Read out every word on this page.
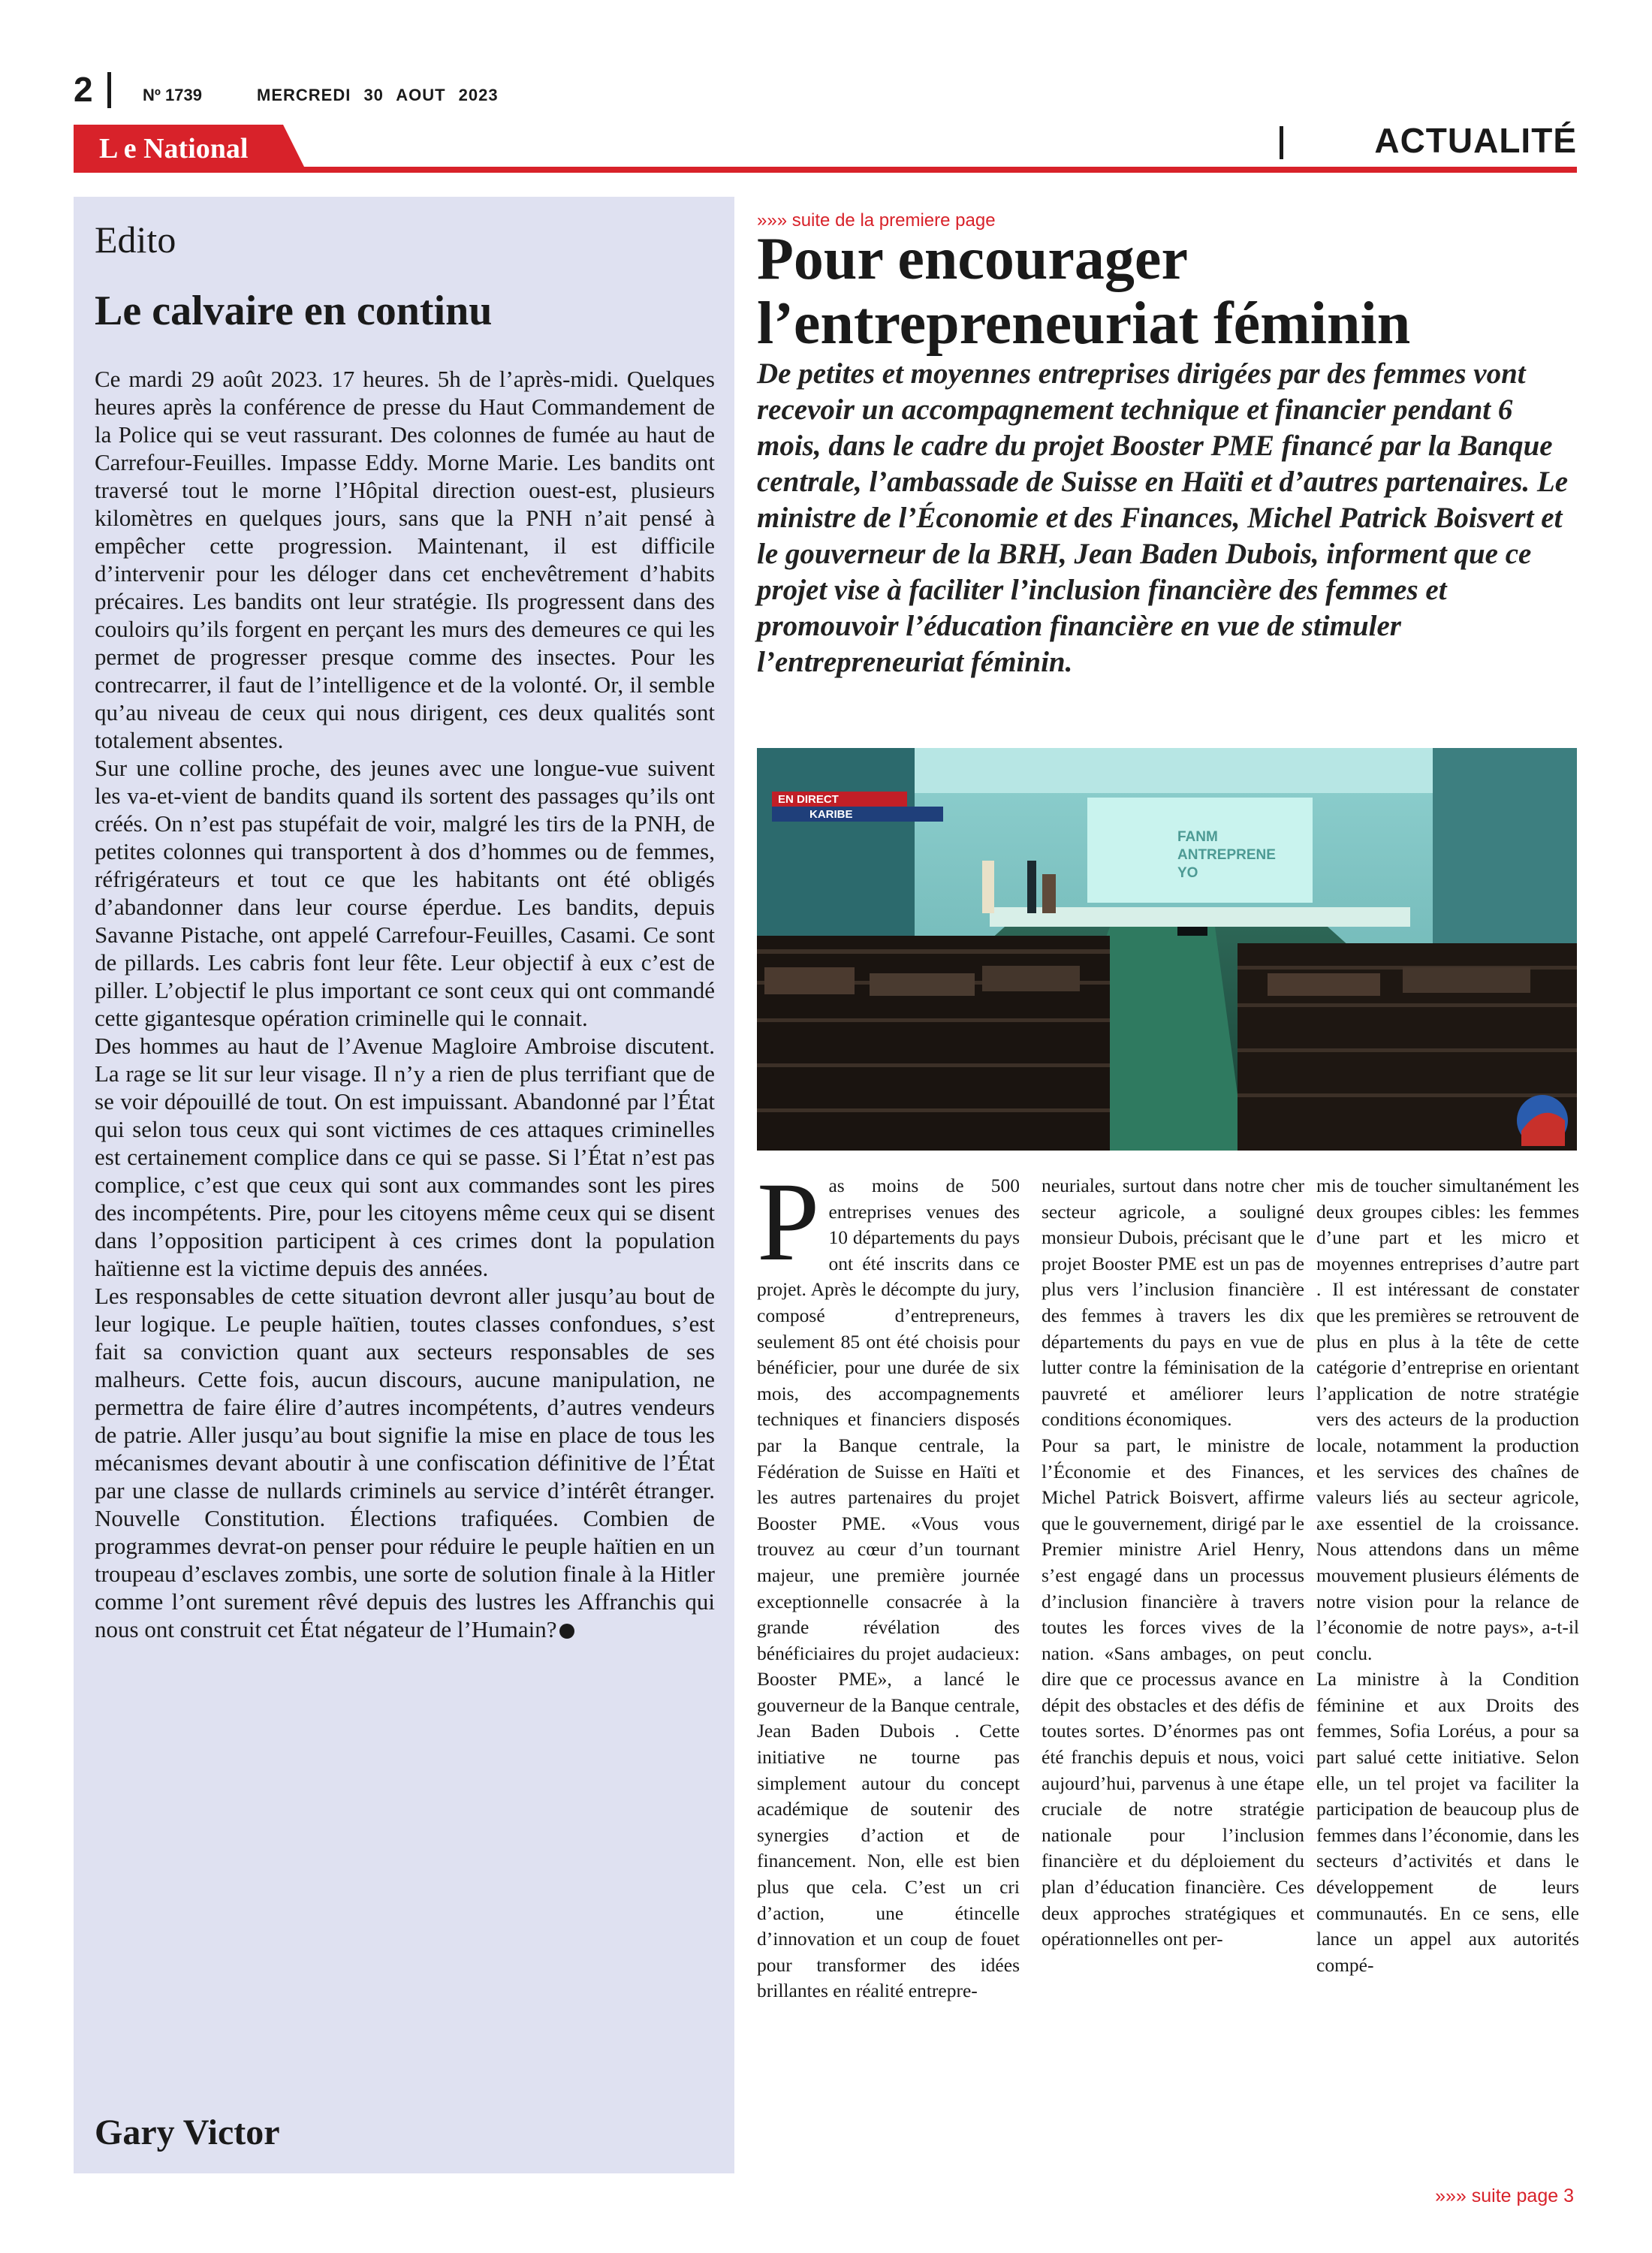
2	Nº 1739	MERCREDI 30 AOUT 2023
L e National	ACTUALITÉ
Edito
Le calvaire en continu

Ce mardi 29 août 2023. 17 heures. 5h de l’après-midi. Quelques heures après la conférence de presse du Haut Commandement de la Police qui se veut rassurant. Des colonnes de fumée au haut de Carrefour-Feuilles. Impasse Eddy. Morne Marie. Les bandits ont traversé tout le morne l’Hôpital direction ouest-est, plusieurs kilomètres en quelques jours, sans que la PNH n’ait pensé à empêcher cette progression. Maintenant, il est difficile d’intervenir pour les déloger dans cet enchevêtrement d’habits précaires. Les bandits ont leur stratégie. Ils progressent dans des couloirs qu’ils forgent en perçant les murs des demeures ce qui les permet de progresser presque comme des insectes. Pour les contrecarrer, il faut de l’intelligence et de la volonté. Or, il semble qu’au niveau de ceux qui nous dirigent, ces deux qualités sont totalement absentes.

Sur une colline proche, des jeunes avec une longue-vue suivent les va-et-vient de bandits quand ils sortent des passages qu’ils ont créés. On n’est pas stupéfait de voir, malgré les tirs de la PNH, de petites colonnes qui transportent à dos d’hommes ou de femmes, réfrigérateurs et tout ce que les habitants ont été obligés d’abandonner dans leur course éperdue. Les bandits, depuis Savanne Pistache, ont appelé Carrefour-Feuilles, Casami. Ce sont de pillards. Les cabris font leur fête. Leur objectif à eux c’est de piller. L’objectif le plus important ce sont ceux qui ont commandé cette gigantesque opération criminelle qui le connait.

Des hommes au haut de l’Avenue Magloire Ambroise discutent. La rage se lit sur leur visage. Il n’y a rien de plus terrifiant que de se voir dépouillé de tout. On est impuissant. Abandonné par l’État qui selon tous ceux qui sont victimes de ces attaques criminelles est certainement complice dans ce qui se passe. Si l’État n’est pas complice, c’est que ceux qui sont aux commandes sont les pires des incompétents. Pire, pour les citoyens même ceux qui se disent dans l’opposition participent à ces crimes dont la population haïtienne est la victime depuis des années.

Les responsables de cette situation devront aller jusqu’au bout de leur logique. Le peuple haïtien, toutes classes confondues, s’est fait sa conviction quant aux secteurs responsables de ses malheurs. Cette fois, aucun discours, aucune manipulation, ne permettra de faire élire d’autres incompétents, d’autres vendeurs de patrie. Aller jusqu’au bout signifie la mise en place de tous les mécanismes devant aboutir à une confiscation définitive de l’État par une classe de nullards criminels au service d’intérêt étranger. Nouvelle Constitution. Élections trafiquées. Combien de programmes devrat-on penser pour réduire le peuple haïtien en un troupeau d’esclaves zombis, une sorte de solution finale à la Hitler comme l’ont surement rêvé depuis des lustres les Affranchis qui nous ont construit cet État négateur de l’Humain?

Gary Victor
»»» suite de la premiere page
Pour encourager l’entrepreneuriat féminin
De petites et moyennes entreprises dirigées par des femmes vont recevoir un accompagnement technique et financier pendant 6 mois, dans le cadre du projet Booster PME financé par la Banque centrale, l’ambassade de Suisse en Haïti et d’autres partenaires. Le ministre de l’Économie et des Finances, Michel Patrick Boisvert et le gouverneur de la BRH, Jean Baden Dubois, informent que ce projet vise à faciliter l’inclusion financière des femmes et promouvoir l’éducation financière en vue de stimuler l’entrepreneuriat féminin.
FANM
ANTREPRENE
YO
EN DIRECT
KARIBE
P as moins de 500 entreprises venues des 10 départements du pays ont été inscrits dans ce projet. Après le décompte du jury, composé d’entrepreneurs, seulement 85 ont été choisis pour bénéficier, pour une durée de six mois, des accompagnements techniques et financiers disposés par la Banque centrale, la Fédération de Suisse en Haïti et les autres partenaires du projet Booster PME. «Vous vous trouvez au cœur d’un tournant majeur, une première journée exceptionnelle consacrée à la grande révélation des bénéficiaires du projet audacieux: Booster PME», a lancé le gouverneur de la Banque centrale, Jean Baden Dubois . Cette initiative ne tourne pas simplement autour du concept académique de soutenir des synergies d’action et de financement. Non, elle est bien plus que cela. C’est un cri d’action, une étincelle d’innovation et un coup de fouet pour transformer des idées brillantes en réalité entrepre-

neuriales, surtout dans notre cher secteur agricole, a souligné monsieur Dubois, précisant que le projet Booster PME est un pas de plus vers l’inclusion financière des femmes à travers les dix départements du pays en vue de lutter contre la féminisation de la pauvreté et améliorer leurs conditions économiques.

Pour sa part, le ministre de l’Économie et des Finances, Michel Patrick Boisvert, affirme que le gouvernement, dirigé par le Premier ministre Ariel Henry, s’est engagé dans un processus d’inclusion financière à travers toutes les forces vives de la nation. «Sans ambages, on peut dire que ce processus avance en dépit des obstacles et des défis de toutes sortes. D’énormes pas ont été franchis depuis et nous, voici aujourd’hui, parvenus à une étape cruciale de notre stratégie nationale pour l’inclusion financière et du déploiement du plan d’éducation financière. Ces deux approches stratégiques et opérationnelles ont per-

mis de toucher simultanément les deux groupes cibles: les femmes d’une part et les micro et moyennes entreprises d’autre part . Il est intéressant de constater que les premières se retrouvent de plus en plus à la tête de cette catégorie d’entreprise en orientant l’application de notre stratégie vers des acteurs de la production locale, notamment la production et les services des chaînes de valeurs liés au secteur agricole, axe essentiel de la croissance. Nous attendons dans un même mouvement plusieurs éléments de notre vision pour la relance de l’économie de notre pays», a-t-il conclu.

La ministre à la Condition féminine et aux Droits des femmes, Sofia Loréus, a pour sa part salué cette initiative. Selon elle, un tel projet va faciliter la participation de beaucoup plus de femmes dans l’économie, dans les secteurs d’activités et dans le développement de leurs communautés. En ce sens, elle lance un appel aux autorités compé-

»»» suite page 3
